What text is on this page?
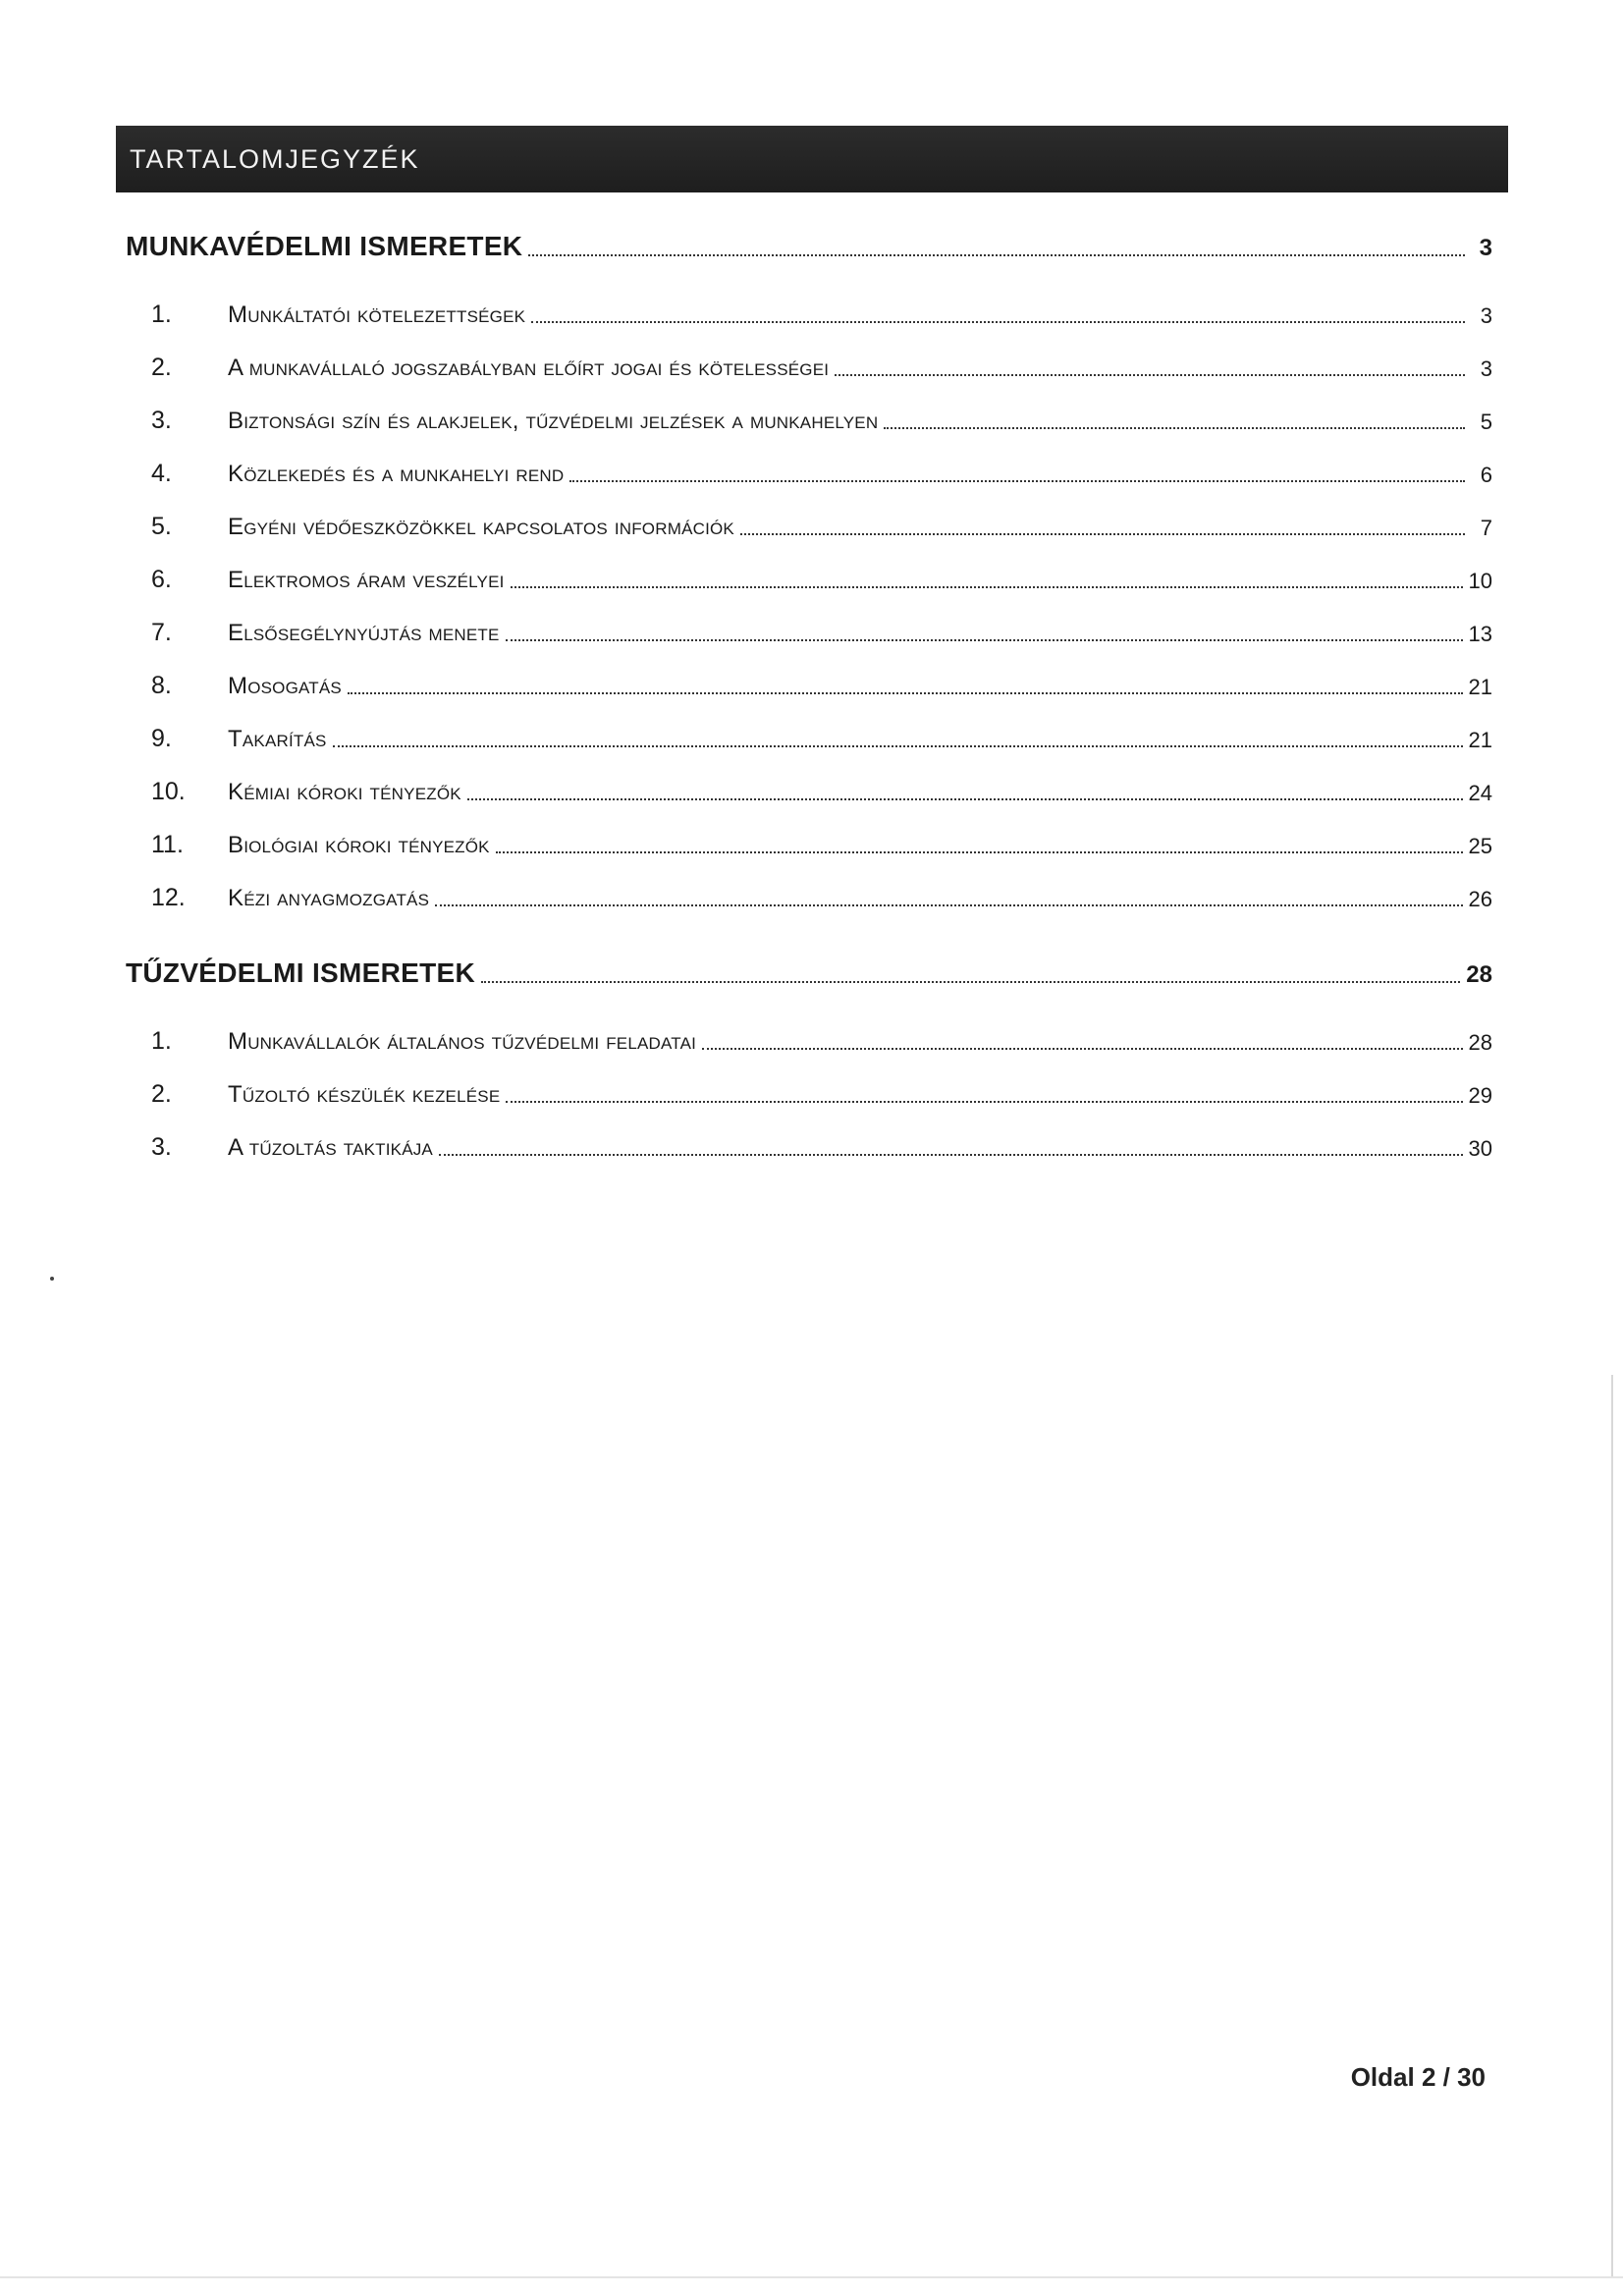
TARTALOMJEGYZÉK
MUNKAVÉDELMI ISMERETEK	3
1.	Munkáltatói kötelezettségek	3
2.	A munkavállaló jogszabályban előírt jogai és kötelességei	3
3.	Biztonsági szín és alakjelek, tűzvédelmi jelzések a munkahelyen	5
4.	Közlekedés és a munkahelyi rend	6
5.	Egyéni védőeszközökkel kapcsolatos információk	7
6.	Elektromos áram veszélyei	10
7.	Elsősegélynyújtás menete	13
8.	Mosogatás	21
9.	Takarítás	21
10.	Kémiai kóroki tényezők	24
11.	Biológiai kóroki tényezők	25
12.	Kézi anyagmozgatás	26
TŰZVÉDELMI ISMERETEK	28
1.	Munkavállalók általános tűzvédelmi feladatai	28
2.	Tűzoltó készülék kezelése	29
3.	A tűzoltás taktikája	30
Oldal 2 / 30
